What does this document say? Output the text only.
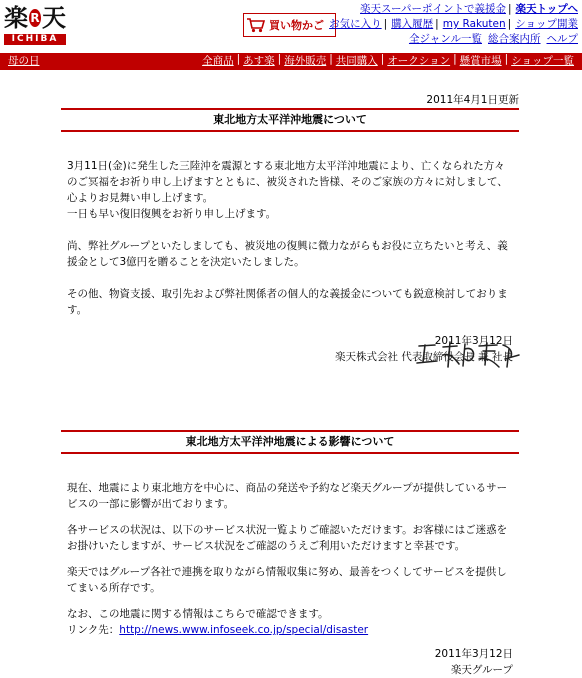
楽 R 天
ICHIBA
買い物かご
楽天スーパーポイントで義援金 | 楽天トップへ
お気に入り | 購入履歴 | my Rakuten | ショップ開業
全ジャンル一覧 総合案内所 ヘルプ
母の日	全商品 | あす楽 | 海外販売 | 共同購入 | オークション | 懸賞市場 | ショップ一覧
2011年4月1日更新
東北地方太平洋沖地震について
3月11日(金)に発生した三陸沖を震源とする東北地方太平洋沖地震により、亡くなられた方々のご冥福をお祈り申し上げますとともに、被災された皆様、そのご家族の方々に対しまして、心よりお見舞い申し上げます。
一日も早い復旧復興をお祈り申し上げます。
尚、弊社グループといたしましても、被災地の復興に微力ながらもお役に立ちたいと考え、義援金として3億円を贈ることを決定いたしました。
その他、物資支援、取引先および弊社関係者の個人的な義援金についても鋭意検討しております。
2011年3月12日
楽天株式会社 代表取締役会長 兼 社長
東北地方太平洋沖地震による影響について
現在、地震により東北地方を中心に、商品の発送や予約など楽天グループが提供しているサービスの一部に影響が出ております。
各サービスの状況は、以下のサービス状況一覧よりご確認いただけます。お客様にはご迷惑をお掛けいたしますが、サービス状況をご確認のうえご利用いただけますと幸甚です。
楽天ではグループ各社で連携を取りながら情報収集に努め、最善をつくしてサービスを提供してまいる所存です。
なお、この地震に関する情報はこちらで確認できます。
リンク先：http://news.www.infoseek.co.jp/special/disaster
2011年3月12日
楽天グループ
